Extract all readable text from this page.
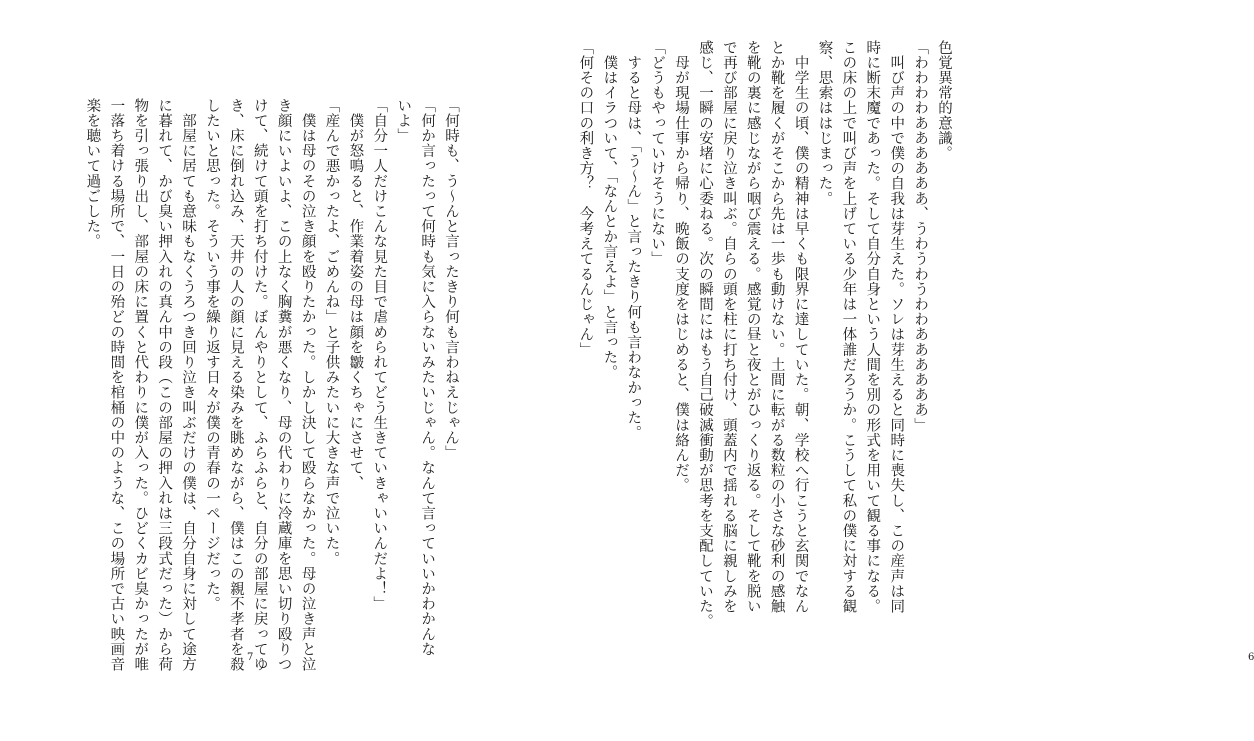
「何時も、う〜んと言ったきり何も言わねえじゃん」
「何か言ったって何時も気に入らないみたいじゃん。なんて言っていいかわかんな
いよ」
「自分一人だけこんな見た目で虐められてどう生きていきゃいいんだよ！」
　僕が怒鳴ると、作業着姿の母は顔を皺くちゃにさせて、
「産んで悪かったよ、ごめんね」と子供みたいに大きな声で泣いた。
　僕は母のその泣き顔を殴りたかった。しかし決して殴らなかった。母の泣き声と泣
き顔にいよいよ、この上なく胸糞が悪くなり、母の代わりに冷蔵庫を思い切り殴りつ
けて、続けて頭を打ち付けた。ぼんやりとして、ふらふらと、自分の部屋に戻ってゆ
き、床に倒れ込み、天井の人の顔に見える染みを眺めながら、僕はこの親不孝者を殺
したいと思った。そういう事を繰り返す日々が僕の青春の一ページだった。
　部屋に居ても意味もなくうろつき回り泣き叫ぶだけの僕は、自分自身に対して途方
に暮れて、かび臭い押入れの真ん中の段（この部屋の押入れは三段式だった）から荷
物を引っ張り出し、部屋の床に置くと代わりに僕が入った。ひどくカビ臭かったが唯
一落ち着ける場所で、一日の殆どの時間を棺桶の中のような、この場所で古い映画音
楽を聴いて過ごした。
7
色覚異常的意識。
「わわわわああああああ、うわうわうわわああああああ」
　叫び声の中で僕の自我は芽生えた。ソレは芽生えると同時に喪失し、この産声は同
時に断末魔であった。そして自分自身という人間を別の形式を用いて観る事になる。
この床の上で叫び声を上げている少年は一体誰だろうか。こうして私の僕に対する観
察、思索ははじまった。
　中学生の頃、僕の精神は早くも限界に達していた。朝、学校へ行こうと玄関でなん
とか靴を履くがそこから先は一歩も動けない。土間に転がる数粒の小さな砂利の感触
を靴の裏に感じながら咽び震える。感覚の昼と夜とがひっくり返る。そして靴を脱い
で再び部屋に戻り泣き叫ぶ。自らの頭を柱に打ち付け、頭蓋内で揺れる脳に親しみを
感じ、一瞬の安堵に心委ねる。次の瞬間にはもう自己破滅衝動が思考を支配していた。
　母が現場仕事から帰り、晩飯の支度をはじめると、僕は絡んだ。
「どうもやっていけそうにない」
　すると母は、「う〜ん」と言ったきり何も言わなかった。
　僕はイラついて、「なんとか言えよ」と言った。
「何その口の利き方？　今考えてるんじゃん」
6
